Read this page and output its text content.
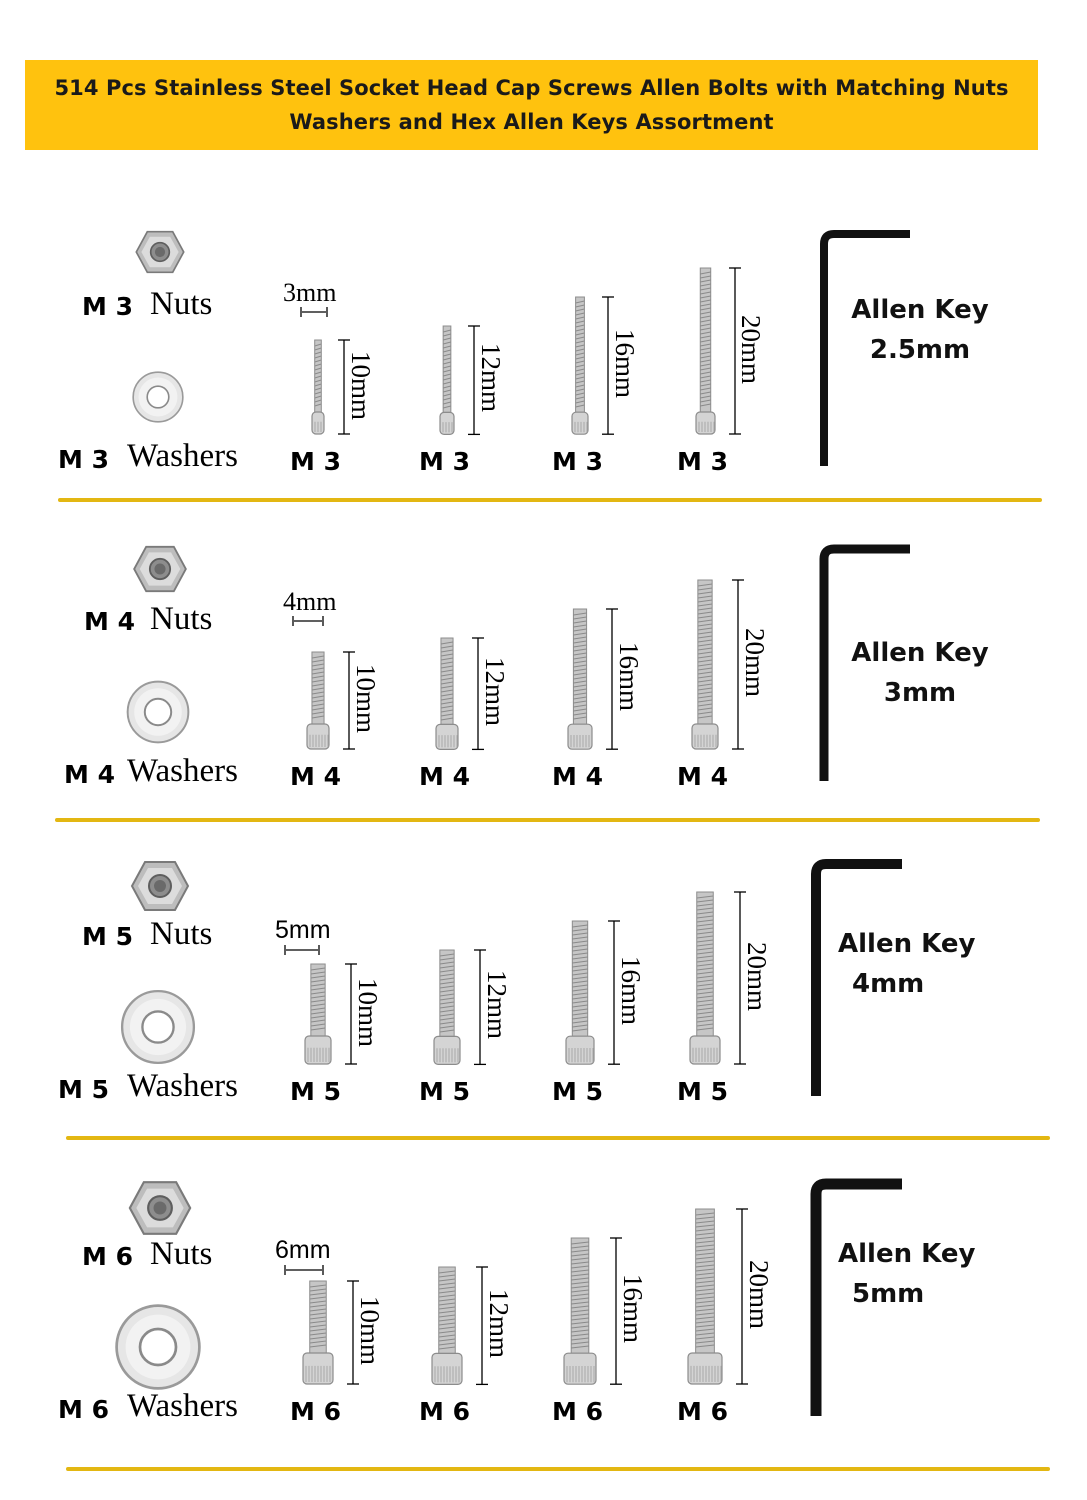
514 Pcs Stainless Steel Socket Head Cap Screws Allen Bolts with Matching Nuts
Washers and Hex Allen Keys Assortment
M 3 Nuts
M 3 Washers
3mm
10mm
M 3
12mm
M 3
16mm
M 3
20mm
M 3
Allen Key
2.5mm
M 4 Nuts
M 4 Washers
4mm
10mm
M 4
12mm
M 4
16mm
M 4
20mm
M 4
Allen Key
3mm
M 5 Nuts
M 5 Washers
5mm
10mm
M 5
12mm
M 5
16mm
M 5
20mm
M 5
Allen Key
4mm
M 6 Nuts
M 6 Washers
6mm
10mm
M 6
12mm
M 6
16mm
M 6
20mm
M 6
Allen Key
5mm
